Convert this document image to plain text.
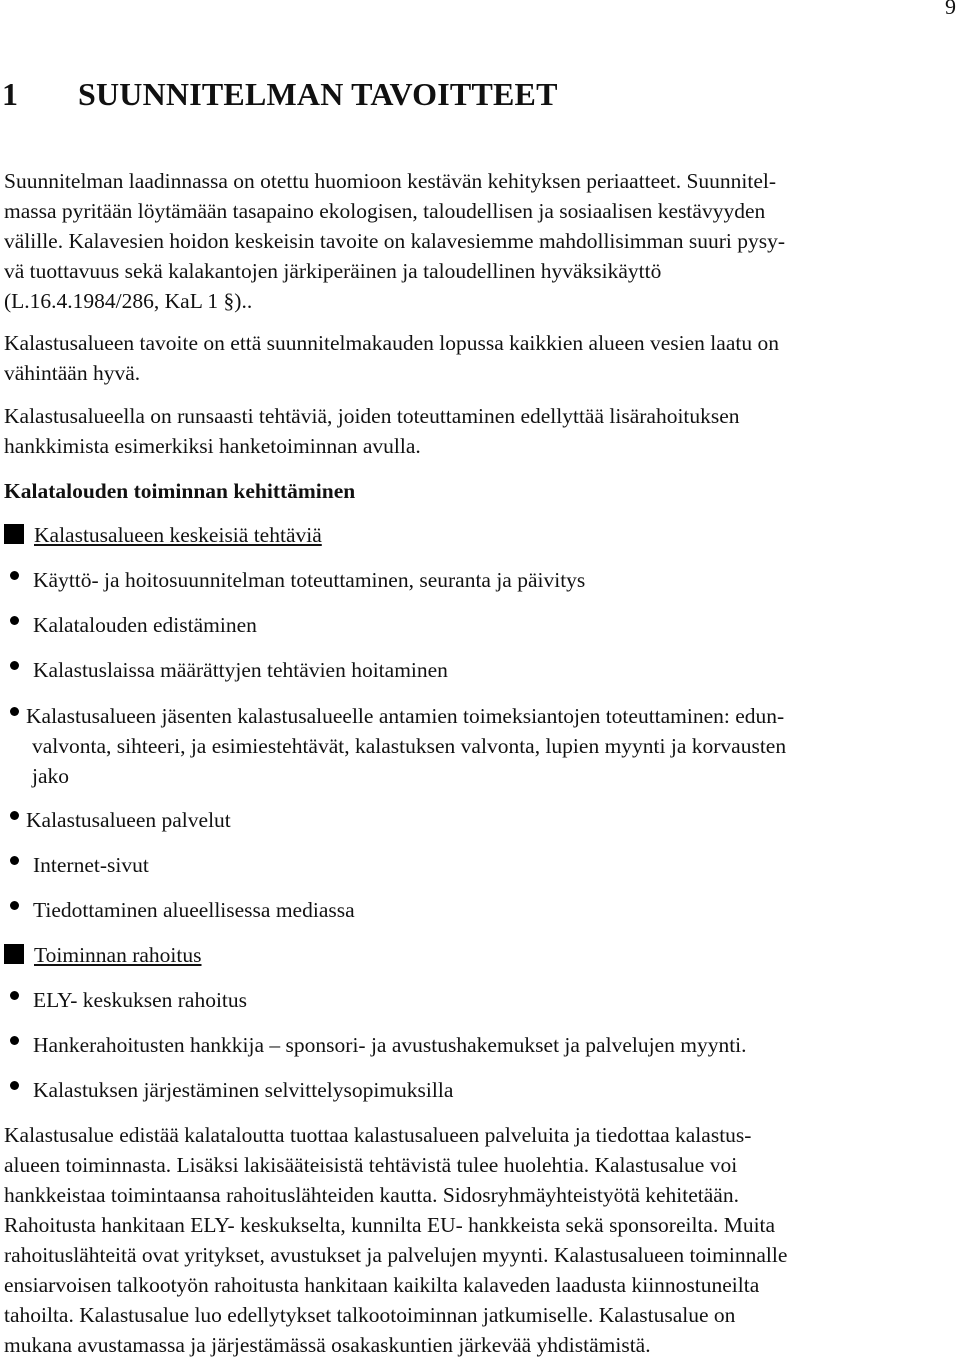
9
1 SUUNNITELMAN TAVOITTEET
Suunnitelman laadinnassa on otettu huomioon kestävän kehityksen periaatteet. Suunnitel-
massa pyritään löytämään tasapaino ekologisen, taloudellisen ja sosiaalisen kestävyyden
välille. Kalavesien hoidon keskeisin tavoite on kalavesiemme mahdollisimman suuri pysy-
vä tuottavuus sekä kalakantojen järkiperäinen ja taloudellinen hyväksikäyttö
(L.16.4.1984/286, KaL 1 §)..
Kalastusalueen tavoite on että suunnitelmakauden lopussa kaikkien alueen vesien laatu on
vähintään hyvä.
Kalastusalueella on runsaasti tehtäviä, joiden toteuttaminen edellyttää lisärahoituksen
hankkimista esimerkiksi hanketoiminnan avulla.
Kalatalouden toiminnan kehittäminen
Kalastusalueen keskeisiä tehtäviä
Käyttö- ja hoitosuunnitelman toteuttaminen, seuranta ja päivitys
Kalatalouden edistäminen
Kalastuslaissa määrättyjen tehtävien hoitaminen
Kalastusalueen jäsenten kalastusalueelle antamien toimeksiantojen toteuttaminen: edun-
valvonta, sihteeri, ja esimiestehtävät, kalastuksen valvonta, lupien myynti ja korvausten
jako
Kalastusalueen palvelut
Internet-sivut
Tiedottaminen alueellisessa mediassa
Toiminnan rahoitus
ELY- keskuksen rahoitus
Hankerahoitusten hankkija – sponsori- ja avustushakemukset ja palvelujen myynti.
Kalastuksen järjestäminen selvittelysopimuksilla
Kalastusalue edistää kalataloutta tuottaa kalastusalueen palveluita ja tiedottaa kalastus-
alueen toiminnasta. Lisäksi lakisääteisistä tehtävistä tulee huolehtia. Kalastusalue voi
hankkeistaa toimintaansa rahoituslähteiden kautta. Sidosryhmäyhteistyötä kehitetään.
Rahoitusta hankitaan ELY- keskukselta, kunnilta EU- hankkeista sekä sponsoreilta. Muita
rahoituslähteitä ovat yritykset, avustukset ja palvelujen myynti. Kalastusalueen toiminnalle
ensiarvoisen talkootyön rahoitusta hankitaan kaikilta kalaveden laadusta kiinnostuneilta
tahoilta. Kalastusalue luo edellytykset talkootoiminnan jatkumiselle. Kalastusalue on
mukana avustamassa ja järjestämässä osakaskuntien järkevää yhdistämistä.
